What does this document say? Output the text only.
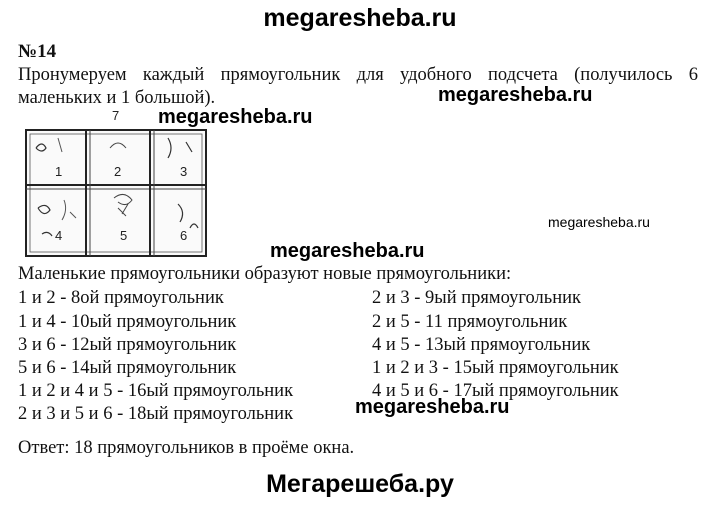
megaresheba.ru
№14
Пронумеруем каждый прямоугольник для удобного подсчета (получилось 6 маленьких и 1 большой).
7
1	2	3
4	5	6
megaresheba.ru
megaresheba.ru
megaresheba.ru
megaresheba.ru
Маленькие прямоугольники образуют новые прямоугольники:
1 и 2 - 8ой прямоугольник
1 и 4 - 10ый прямоугольник
3 и 6 - 12ый прямоугольник
5 и 6 - 14ый прямоугольник
1 и 2 и 4 и 5 - 16ый прямоугольник
2 и 3 и 5 и 6 - 18ый прямоугольник
2 и 3 - 9ый прямоугольник
2 и 5 - 11 прямоугольник
4 и 5 - 13ый прямоугольник
1 и 2 и 3 - 15ый прямоугольник
4 и 5 и 6 - 17ый прямоугольник
megaresheba.ru
Ответ: 18 прямоугольников в проёме окна.
Мегарешеба.ру
